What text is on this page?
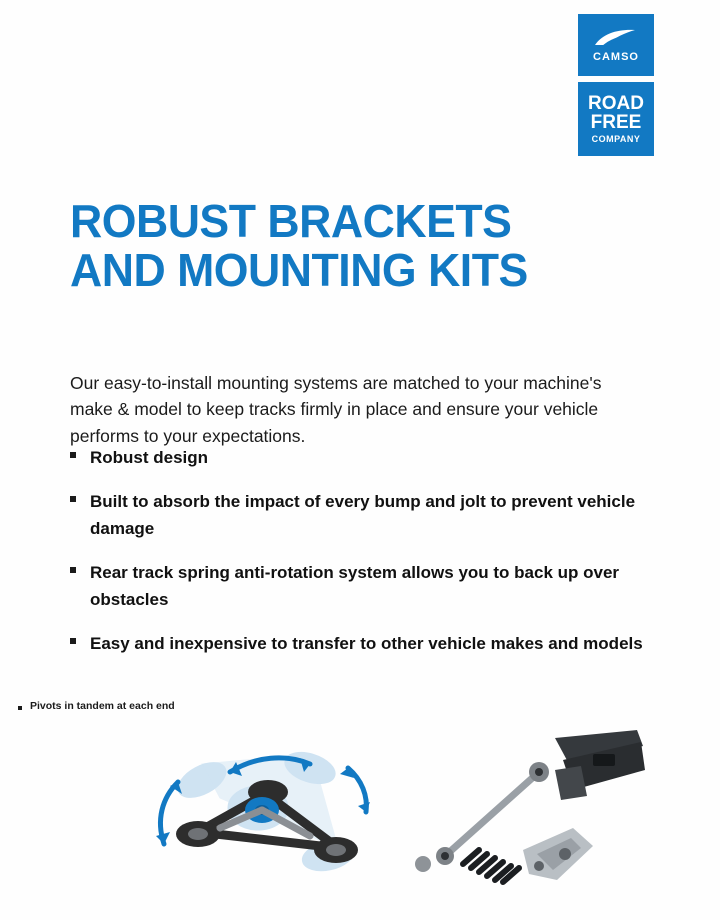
CAMSO
ROAD
FREE
COMPANY
ROBUST BRACKETS
AND MOUNTING KITS

Our easy-to-install mounting systems are matched to your machine's make & model to keep tracks firmly in place and ensure your vehicle performs to your expectations.

Robust design
Built to absorb the impact of every bump and jolt to prevent vehicle damage
Rear track spring anti-rotation system allows you to back up over obstacles
Easy and inexpensive to transfer to other vehicle makes and models
Pivots in tandem at each end
